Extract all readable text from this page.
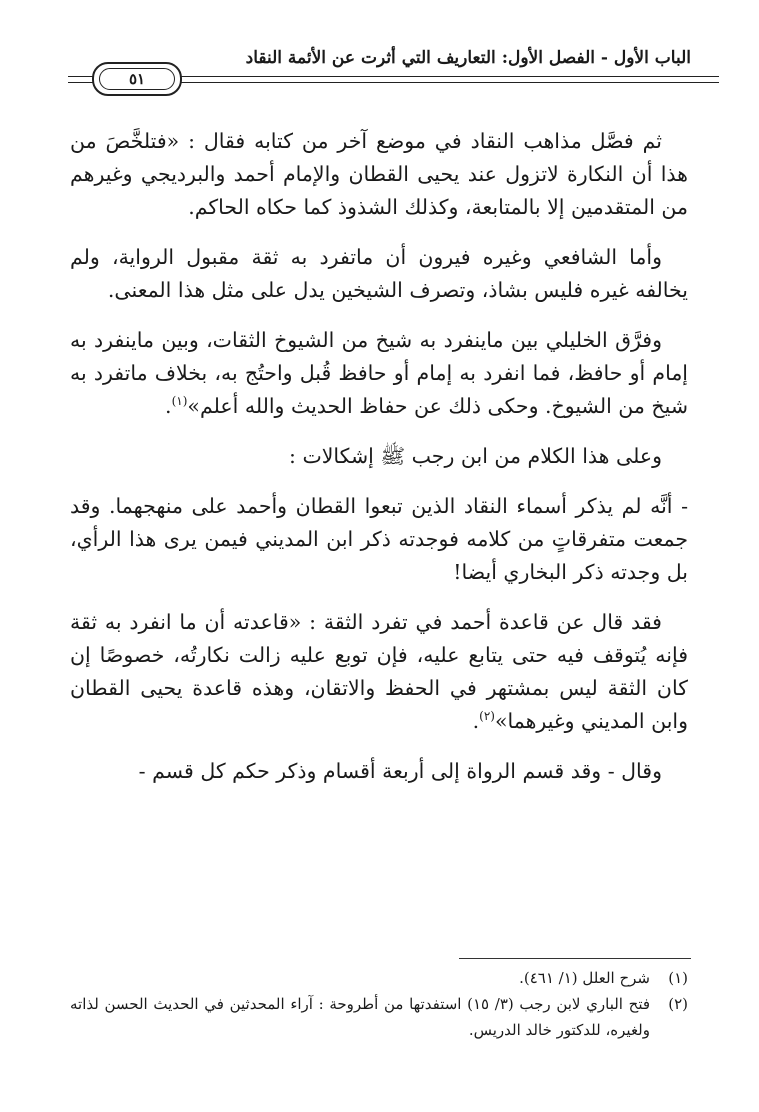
الباب الأول - الفصل الأول: التعاريف التي أثرت عن الأئمة النقاد
٥١

ثم فصَّل مذاهب النقاد في موضع آخر من كتابه فقال : «فتلخَّصَ من هذا أن النكارة لاتزول عند يحيى القطان والإمام أحمد والبرديجي وغيرهم من المتقدمين إلا بالمتابعة، وكذلك الشذوذ كما حكاه الحاكم.

وأما الشافعي وغيره فيرون أن ماتفرد به ثقة مقبول الرواية، ولم يخالفه غيره فليس بشاذ، وتصرف الشيخين يدل على مثل هذا المعنى.

وفرَّق الخليلي بين ماينفرد به شيخ من الشيوخ الثقات، وبين ماينفرد به إمام أو حافظ، فما انفرد به إمام أو حافظ قُبل واحتُج به، بخلاف ماتفرد به شيخ من الشيوخ. وحكى ذلك عن حفاظ الحديث والله أعلم»$^{(١)}$.

وعلى هذا الكلام من ابن رجب ﷺ إشكالات :

- أنَّه لم يذكر أسماء النقاد الذين تبعوا القطان وأحمد على منهجهما. وقد جمعت متفرقاتٍ من كلامه فوجدته ذكر ابن المديني فيمن يرى هذا الرأي، بل وجدته ذكر البخاري أيضا!

فقد قال عن قاعدة أحمد في تفرد الثقة : «قاعدته أن ما انفرد به ثقة فإنه يُتوقف فيه حتى يتابع عليه، فإن توبع عليه زالت نكارتُه، خصوصًا إن كان الثقة ليس بمشتهر في الحفظ والاتقان، وهذه قاعدة يحيى القطان وابن المديني وغيرهما»$^{(٢)}$.

وقال - وقد قسم الرواة إلى أربعة أقسام وذكر حكم كل قسم -

(١)
شرح العلل (١/ ٤٦١).
(٢)
فتح الباري لابن رجب (٣/ ١٥) استفدتها من أطروحة : آراء المحدثين في الحديث الحسن لذاته ولغيره، للدكتور خالد الدريس.
